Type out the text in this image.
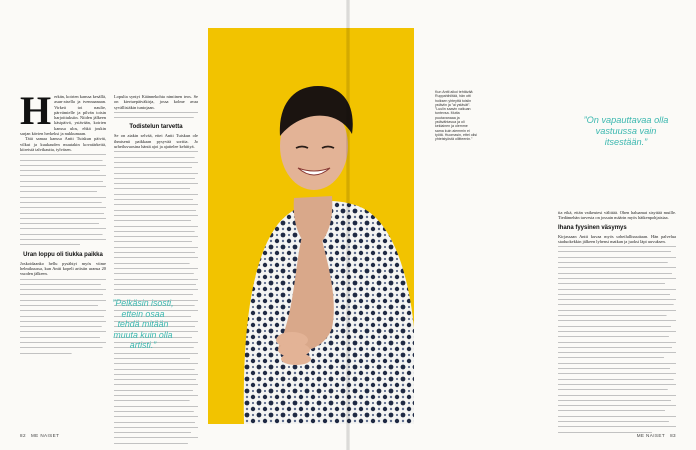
H erkän, koirien kanssa kesällä, asun-aisella ja tvennaanaan. Virkeä toi naulie, pärvämielle ja pilvän toisin harjoittuksiin. Niiden jälkeen käsipäivä, ystävään, koirien kanssa ulos, ehkä joukin sarjan kävien herkeksi ja nukkumaan.

Tätä samaa kanssa Antti Tuiskun päivät, vilkut ja kuukauden muutakin kovatärkeitä, kiireistä talvikautta, tylväsen.

Uran loppu oli tiukka paikka

Joskoidaanko hellu pysähtyi myös viime helmikuussa, kun Antti kopeli artistin uransa 20 vuoden jälkeen.

Lopulta syntyi Käännekohta nimiinen teos. Se on kiertuepäiväkirja, jossa kolme avaa syvällisiäkin tuntojaan.

Todistelun tarvetta

Se on aiakin selvää, ettei Antti Tuiskun ole ihmisenä paikkaan pysyvää sorttia. Jo urheiluvuosina häntä ajoi ja ajattelee kehittyä.

”Pelkäsin isosti, ettein osaa tehdä mitään muuta kuin olla artisti.”

tia eikä, ettän vaikeutesi välittää. Ohen haluamat sisyttää muille. Tiedämehän tarvesta on jossain määrin myös hätkenpohjaisiaa.

Ihana fyysinen väsymys

Kirjassaan Antti kuvaa myös urheilullisuuttaan. Hän palvelua staduokekkin jälkeen lyhensi matkan ja juoksi läpi uuvuksen.

”On vapauttavaa olla vastuussa vain itsestään.”
Kun Antti aikoi tehtävää Ruppahihiltää, hän otti hoiksen yhteyttä toisiin ystäviin ja ”ai ystävät”. ”Luulin saavin vaikuan tuntevsa. Mutta puutavanaaa ja ystävähtavua ja oli kekiainen ja olemme sama kuin aiemmin ei työtä. Huomasin, ettei olisi yhteistyöstä ollitteenin.”
82 ME NAISET	ME NAISET 83
